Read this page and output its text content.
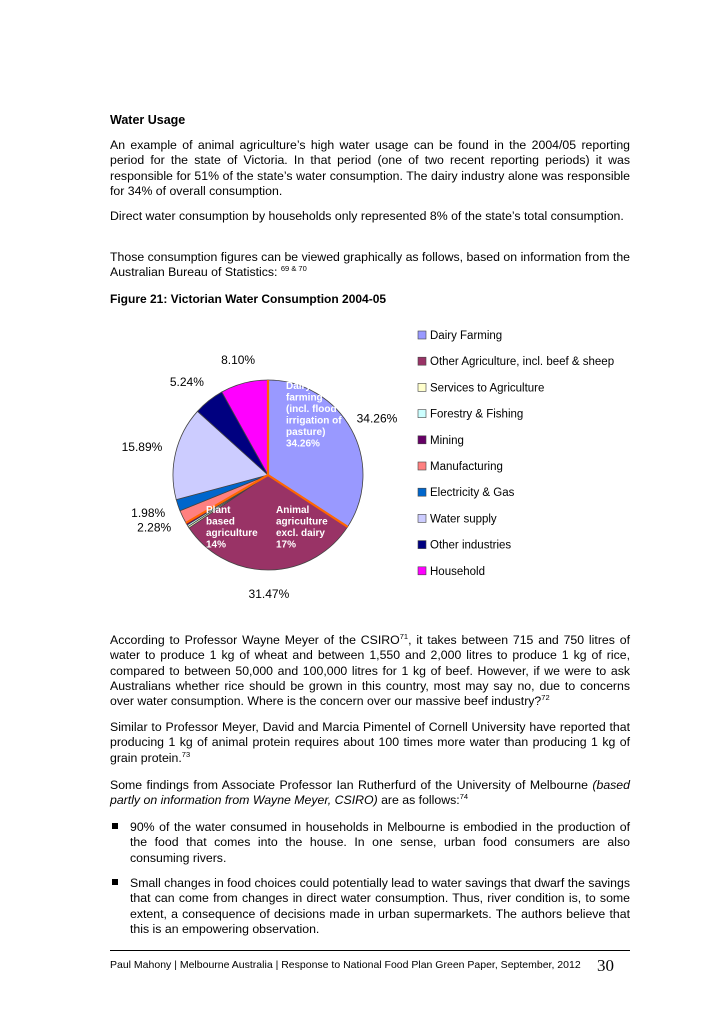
Water Usage

An example of animal agriculture’s high water usage can be found in the 2004/05 reporting period for the state of Victoria. In that period (one of two recent reporting periods) it was responsible for 51% of the state’s water consumption. The dairy industry alone was responsible for 34% of overall consumption.

Direct water consumption by households only represented 8% of the state’s total consumption.

Those consumption figures can be viewed graphically as follows, based on information from the Australian Bureau of Statistics: $^{69 \& 70}$

Figure 21: Victorian Water Consumption 2004-05
34.26%
31.47%
2.28%
1.98%
15.89%
5.24%
8.10%
Dairy
farming
(incl. flood
irrigation of
pasture)
34.26%
Animal
agriculture
excl. dairy
17%
Plant
based
agriculture
14%
Dairy Farming
Other Agriculture, incl. beef & sheep
Services to Agriculture
Forestry & Fishing
Mining
Manufacturing
Electricity & Gas
Water supply
Other industries
Household

According to Professor Wayne Meyer of the CSIRO$^{71}$, it takes between 715 and 750 litres of water to produce 1 kg of wheat and between 1,550 and 2,000 litres to produce 1 kg of rice, compared to between 50,000 and 100,000 litres for 1 kg of beef. However, if we were to ask Australians whether rice should be grown in this country, most may say no, due to concerns over water consumption. Where is the concern over our massive beef industry?$^{72}$

Similar to Professor Meyer, David and Marcia Pimentel of Cornell University have reported that producing 1 kg of animal protein requires about 100 times more water than producing 1 kg of grain protein.$^{73}$

Some findings from Associate Professor Ian Rutherfurd of the University of Melbourne (based partly on information from Wayne Meyer, CSIRO) are as follows:$^{74}$

90% of the water consumed in households in Melbourne is embodied in the production of the food that comes into the house. In one sense, urban food consumers are also consuming rivers.

Small changes in food choices could potentially lead to water savings that dwarf the savings that can come from changes in direct water consumption. Thus, river condition is, to some extent, a consequence of decisions made in urban supermarkets. The authors believe that this is an empowering observation.

Paul Mahony | Melbourne Australia | Response to National Food Plan Green Paper, September, 2012 30
